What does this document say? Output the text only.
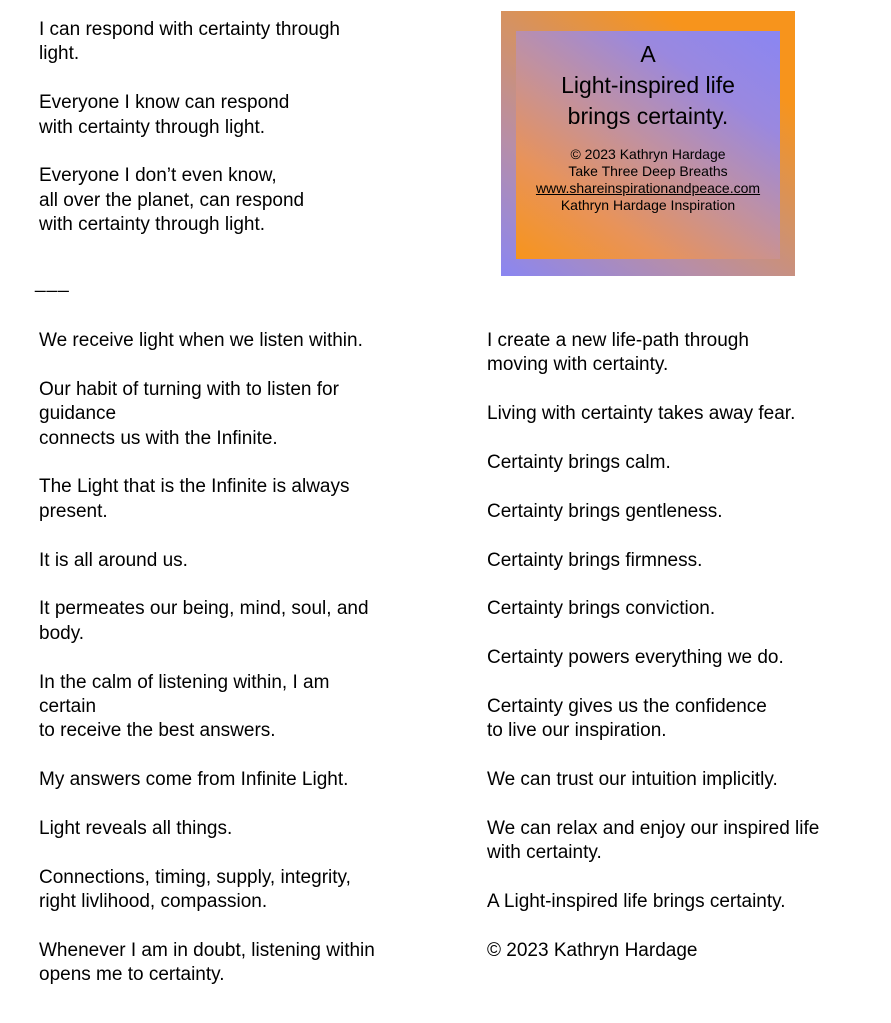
I can respond with certainty through
light.

Everyone I know can respond
with certainty through light.

Everyone I don’t even know,
all over the planet, can respond
with certainty through light.

A
Light-inspired life
brings certainty.
© 2023 Kathryn Hardage
Take Three Deep Breaths
www.shareinspirationandpeace.com
Kathryn Hardage Inspiration
___

We receive light when we listen within.

Our habit of turning with to listen for
guidance
connects us with the Infinite.

The Light that is the Infinite is always
present.

It is all around us.

It permeates our being, mind, soul, and
body.

In the calm of listening within, I am
certain
to receive the best answers.

My answers come from Infinite Light.

Light reveals all things.

Connections, timing, supply, integrity,
right livlihood, compassion.

Whenever I am in doubt, listening within
opens me to certainty.

I create a new life-path through
moving with certainty.

Living with certainty takes away fear.

Certainty brings calm.

Certainty brings gentleness.

Certainty brings firmness.

Certainty brings conviction.

Certainty powers everything we do.

Certainty gives us the confidence
to live our inspiration.

We can trust our intuition implicitly.

We can relax and enjoy our inspired life
with certainty.

A Light-inspired life brings certainty.

© 2023 Kathryn Hardage
